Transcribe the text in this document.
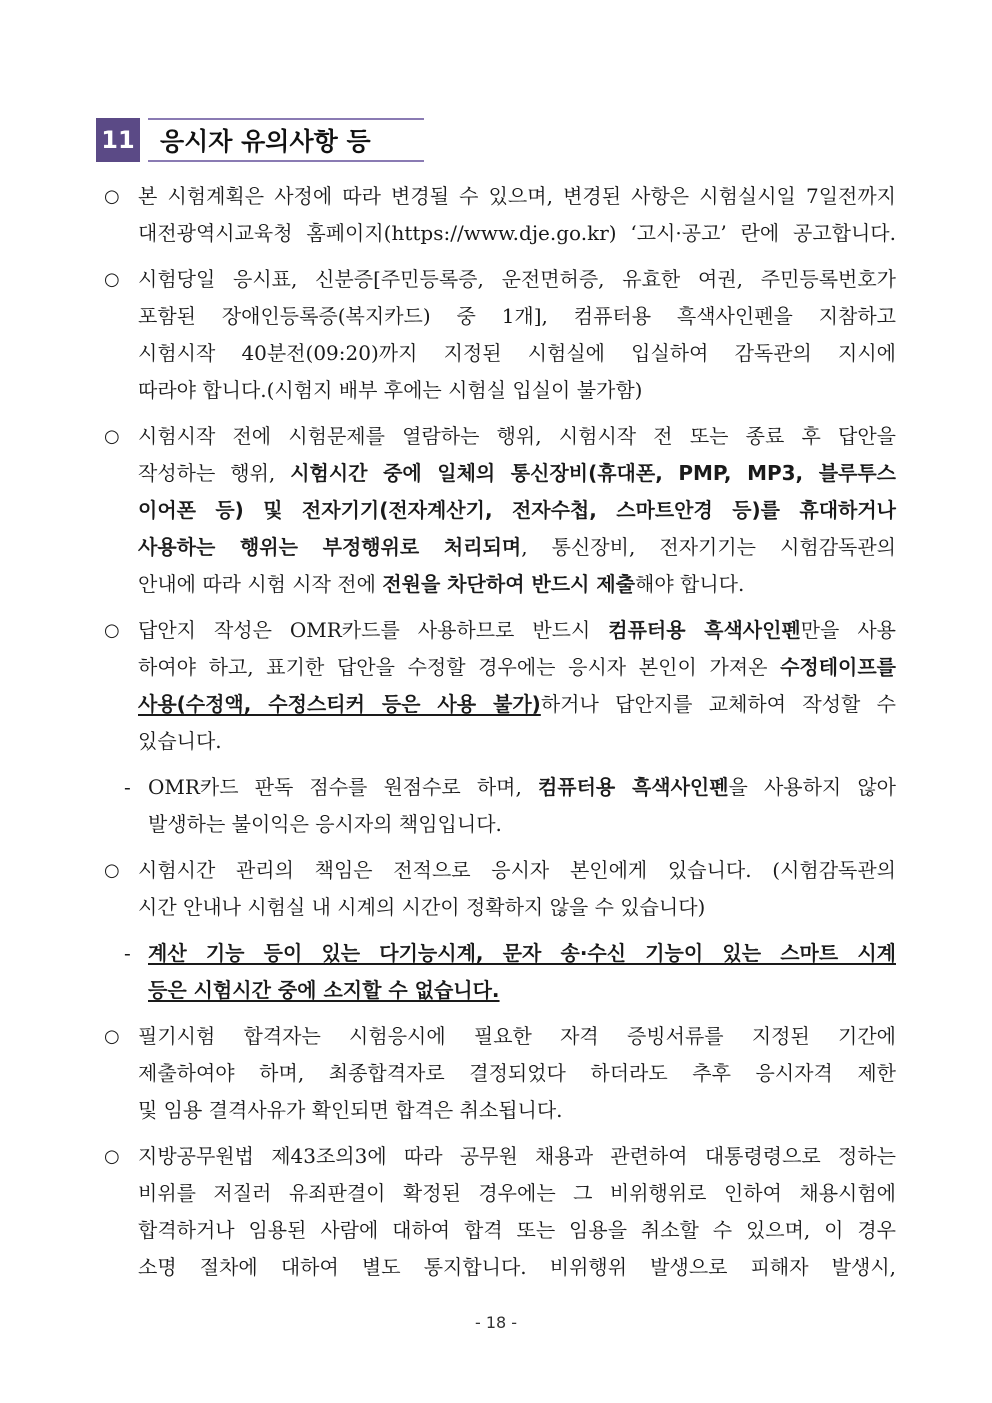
11	응시자 유의사항 등
○ 본 시험계획은 사정에 따라 변경될 수 있으며, 변경된 사항은 시험실시일 7일전까지
대전광역시교육청 홈페이지(https://www.dje.go.kr) ‘고시·공고’ 란에 공고합니다.
○ 시험당일 응시표, 신분증[주민등록증, 운전면허증, 유효한 여권, 주민등록번호가
포함된 장애인등록증(복지카드) 중 1개], 컴퓨터용 흑색사인펜을 지참하고
시험시작 40분전(09:20)까지 지정된 시험실에 입실하여 감독관의 지시에
따라야 합니다.(시험지 배부 후에는 시험실 입실이 불가함)
○ 시험시작 전에 시험문제를 열람하는 행위, 시험시작 전 또는 종료 후 답안을
작성하는 행위, 시험시간 중에 일체의 통신장비(휴대폰, PMP, MP3, 블루투스
이어폰 등) 및 전자기기(전자계산기, 전자수첩, 스마트안경 등)를 휴대하거나
사용하는 행위는 부정행위로 처리되며, 통신장비, 전자기기는 시험감독관의
안내에 따라 시험 시작 전에 전원을 차단하여 반드시 제출해야 합니다.
○ 답안지 작성은 OMR카드를 사용하므로 반드시 컴퓨터용 흑색사인펜만을 사용
하여야 하고, 표기한 답안을 수정할 경우에는 응시자 본인이 가져온 수정테이프를
사용(수정액, 수정스티커 등은 사용 불가)하거나 답안지를 교체하여 작성할 수
있습니다.
- OMR카드 판독 점수를 원점수로 하며, 컴퓨터용 흑색사인펜을 사용하지 않아
발생하는 불이익은 응시자의 책임입니다.
○ 시험시간 관리의 책임은 전적으로 응시자 본인에게 있습니다. (시험감독관의
시간 안내나 시험실 내 시계의 시간이 정확하지 않을 수 있습니다)
- 계산 기능 등이 있는 다기능시계, 문자 송·수신 기능이 있는 스마트 시계
등은 시험시간 중에 소지할 수 없습니다.
○ 필기시험 합격자는 시험응시에 필요한 자격 증빙서류를 지정된 기간에
제출하여야 하며, 최종합격자로 결정되었다 하더라도 추후 응시자격 제한
및 임용 결격사유가 확인되면 합격은 취소됩니다.
○ 지방공무원법 제43조의3에 따라 공무원 채용과 관련하여 대통령령으로 정하는
비위를 저질러 유죄판결이 확정된 경우에는 그 비위행위로 인하여 채용시험에
합격하거나 임용된 사람에 대하여 합격 또는 임용을 취소할 수 있으며, 이 경우
소명 절차에 대하여 별도 통지합니다. 비위행위 발생으로 피해자 발생시,
- 18 -
